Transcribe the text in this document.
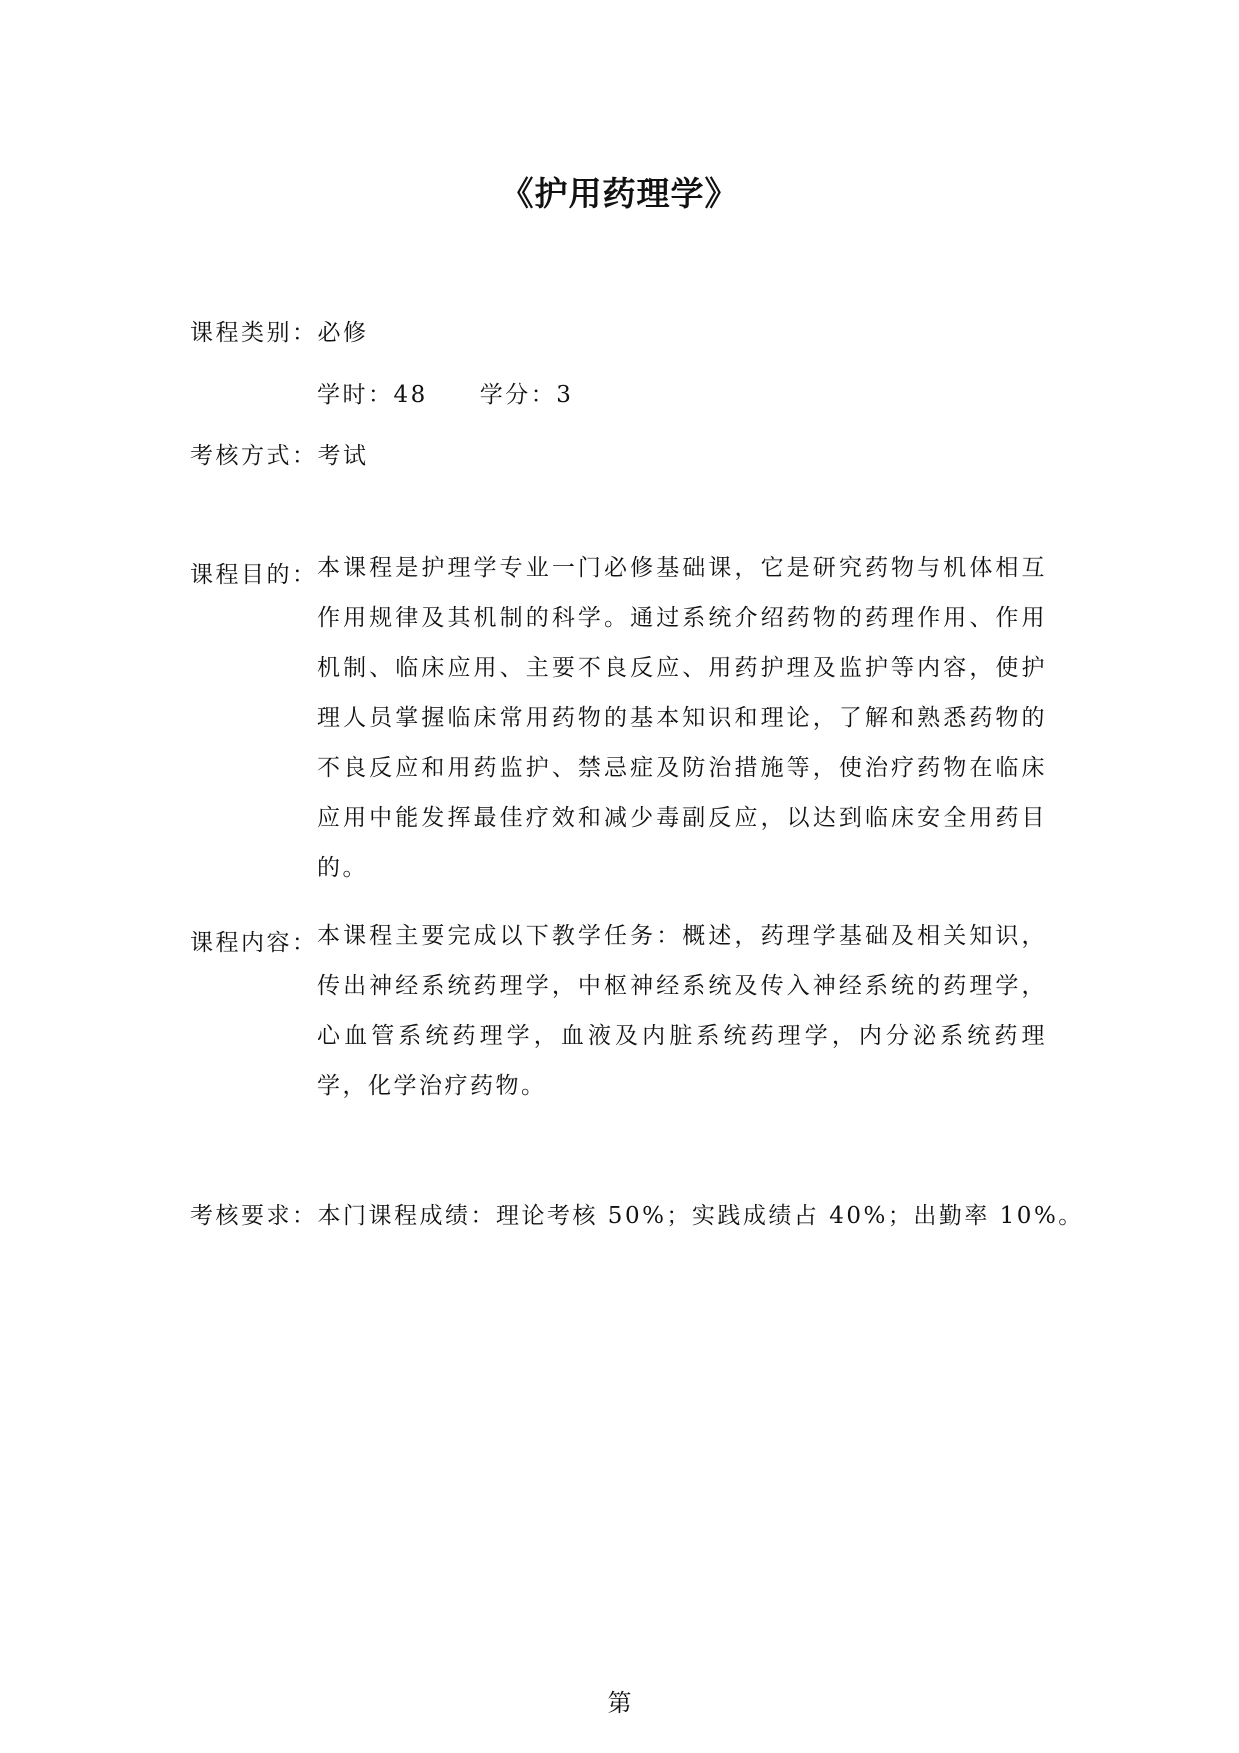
《护用药理学》
课程类别：必修
学时：48 学分：3
考核方式：考试
课程目的： 本课程是护理学专业一门必修基础课，它是研究药物与机体相互作用规律及其机制的科学。通过系统介绍药物的药理作用、作用机制、临床应用、主要不良反应、用药护理及监护等内容，使护理人员掌握临床常用药物的基本知识和理论，了解和熟悉药物的不良反应和用药监护、禁忌症及防治措施等，使治疗药物在临床应用中能发挥最佳疗效和减少毒副反应，以达到临床安全用药目的。
课程内容： 本课程主要完成以下教学任务：概述，药理学基础及相关知识，传出神经系统药理学，中枢神经系统及传入神经系统的药理学，心血管系统药理学，血液及内脏系统药理学，内分泌系统药理学，化学治疗药物。
考核要求：本门课程成绩：理论考核 50%；实践成绩占 40%；出勤率 10%。
第
